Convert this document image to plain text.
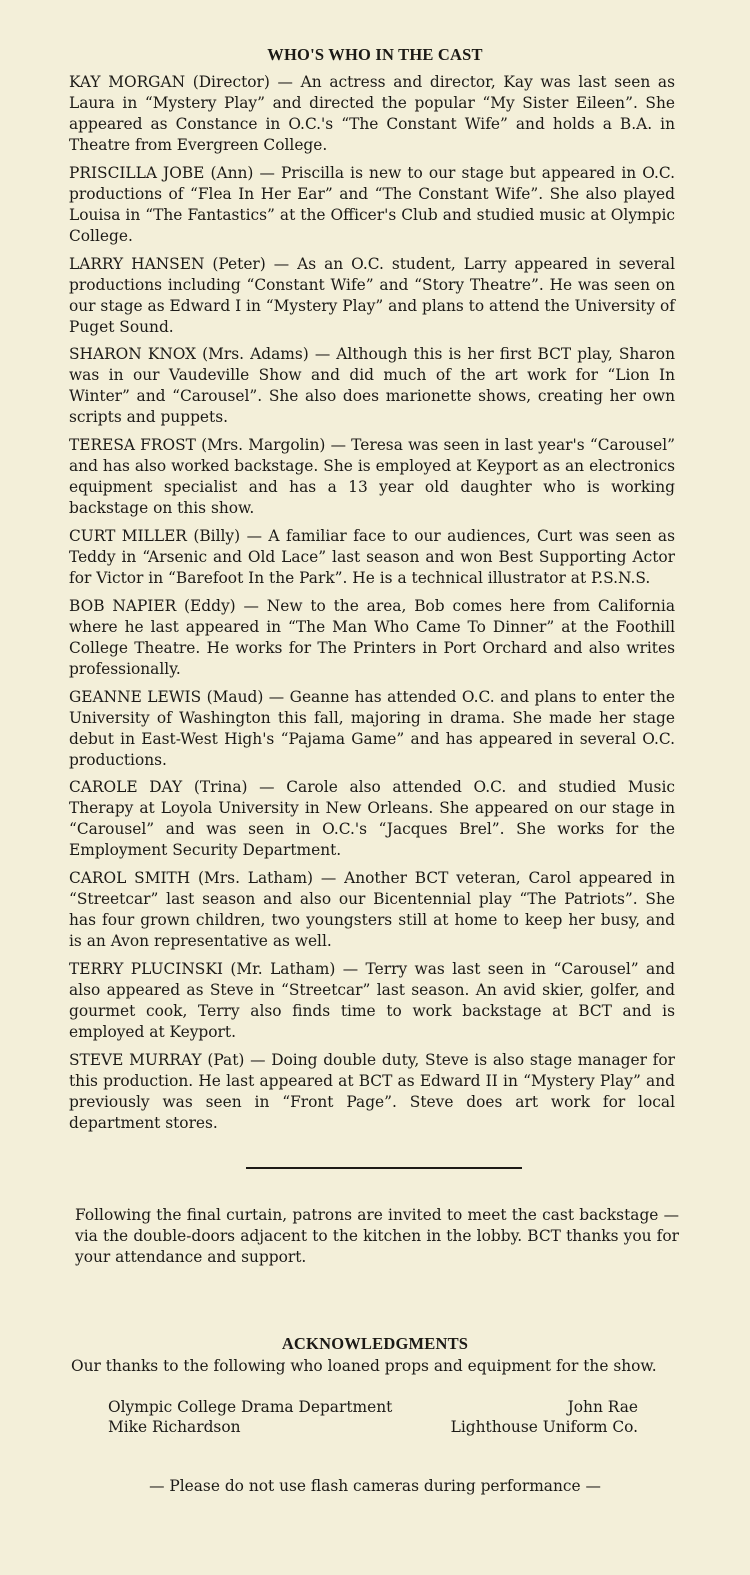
WHO'S WHO IN THE CAST

KAY MORGAN (Director) — An actress and director, Kay was last seen as Laura in “Mystery Play” and directed the popular “My Sister Eileen”. She appeared as Constance in O.C.'s “The Constant Wife” and holds a B.A. in Theatre from Evergreen College.

PRISCILLA JOBE (Ann) — Priscilla is new to our stage but appeared in O.C. productions of “Flea In Her Ear” and “The Constant Wife”. She also played Louisa in “The Fantastics” at the Officer's Club and studied music at Olympic College.

LARRY HANSEN (Peter) — As an O.C. student, Larry appeared in several productions including “Constant Wife” and “Story Theatre”. He was seen on our stage as Edward I in “Mystery Play” and plans to attend the University of Puget Sound.

SHARON KNOX (Mrs. Adams) — Although this is her first BCT play, Sharon was in our Vaudeville Show and did much of the art work for “Lion In Winter” and “Carousel”. She also does marionette shows, creating her own scripts and puppets.

TERESA FROST (Mrs. Margolin) — Teresa was seen in last year's “Carousel” and has also worked backstage. She is employed at Keyport as an electronics equipment specialist and has a 13 year old daughter who is working backstage on this show.

CURT MILLER (Billy) — A familiar face to our audiences, Curt was seen as Teddy in “Arsenic and Old Lace” last season and won Best Supporting Actor for Victor in “Barefoot In the Park”. He is a technical illustrator at P.S.N.S.

BOB NAPIER (Eddy) — New to the area, Bob comes here from California where he last appeared in “The Man Who Came To Dinner” at the Foothill College Theatre. He works for The Printers in Port Orchard and also writes professionally.

GEANNE LEWIS (Maud) — Geanne has attended O.C. and plans to enter the University of Washington this fall, majoring in drama. She made her stage debut in East-West High's “Pajama Game” and has appeared in several O.C. productions.

CAROLE DAY (Trina) — Carole also attended O.C. and studied Music Therapy at Loyola University in New Orleans. She appeared on our stage in “Carousel” and was seen in O.C.'s “Jacques Brel”. She works for the Employment Security Department.

CAROL SMITH (Mrs. Latham) — Another BCT veteran, Carol appeared in “Streetcar” last season and also our Bicentennial play “The Patriots”. She has four grown children, two youngsters still at home to keep her busy, and is an Avon representative as well.

TERRY PLUCINSKI (Mr. Latham) — Terry was last seen in “Carousel” and also appeared as Steve in “Streetcar” last season. An avid skier, golfer, and gourmet cook, Terry also finds time to work backstage at BCT and is employed at Keyport.

STEVE MURRAY (Pat) — Doing double duty, Steve is also stage manager for this production. He last appeared at BCT as Edward II in “Mystery Play” and previously was seen in “Front Page”. Steve does art work for local department stores.

Following the final curtain, patrons are invited to meet the cast backstage — via the double-doors adjacent to the kitchen in the lobby. BCT thanks you for your attendance and support.

ACKNOWLEDGMENTS

Our thanks to the following who loaned props and equipment for the show.

Olympic College Drama Department	John Rae
Mike Richardson	Lighthouse Uniform Co.

— Please do not use flash cameras during performance —
